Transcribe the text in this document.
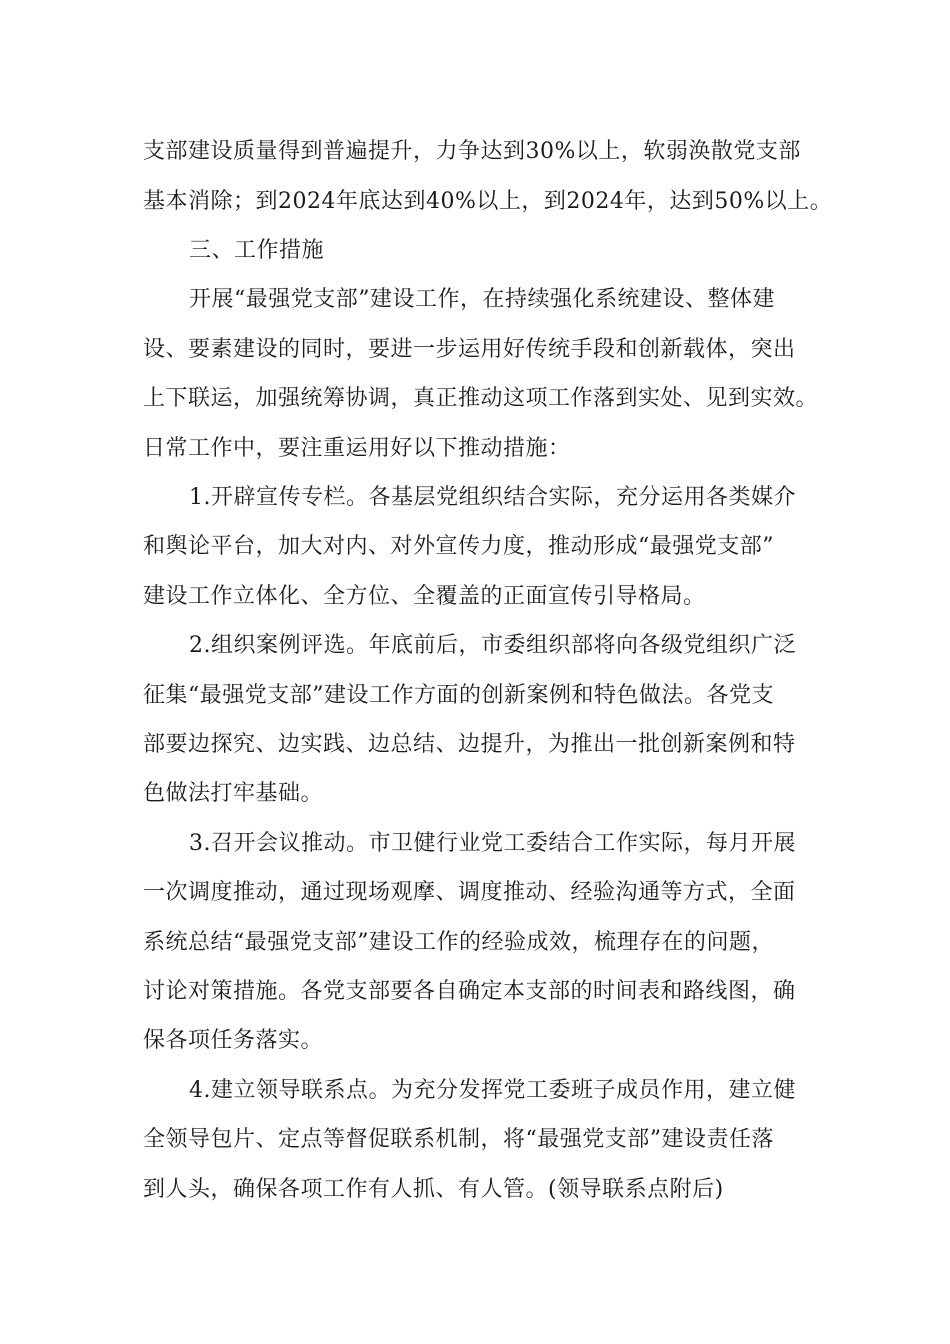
支部建设质量得到普遍提升，力争达到30%以上，软弱涣散党支部

基本消除；到2024年底达到40%以上，到2024年，达到50%以上。

三、工作措施

开展“最强党支部”建设工作，在持续强化系统建设、整体建

设、要素建设的同时，要进一步运用好传统手段和创新载体，突出

上下联运，加强统筹协调，真正推动这项工作落到实处、见到实效。

日常工作中，要注重运用好以下推动措施：

1.开辟宣传专栏。各基层党组织结合实际，充分运用各类媒介

和舆论平台，加大对内、对外宣传力度，推动形成“最强党支部”

建设工作立体化、全方位、全覆盖的正面宣传引导格局。

2.组织案例评选。年底前后，市委组织部将向各级党组织广泛

征集“最强党支部”建设工作方面的创新案例和特色做法。各党支

部要边探究、边实践、边总结、边提升，为推出一批创新案例和特

色做法打牢基础。

3.召开会议推动。市卫健行业党工委结合工作实际，每月开展

一次调度推动，通过现场观摩、调度推动、经验沟通等方式，全面

系统总结“最强党支部”建设工作的经验成效，梳理存在的问题，

讨论对策措施。各党支部要各自确定本支部的时间表和路线图，确

保各项任务落实。

4.建立领导联系点。为充分发挥党工委班子成员作用，建立健

全领导包片、定点等督促联系机制，将“最强党支部”建设责任落

到人头，确保各项工作有人抓、有人管。(领导联系点附后)
